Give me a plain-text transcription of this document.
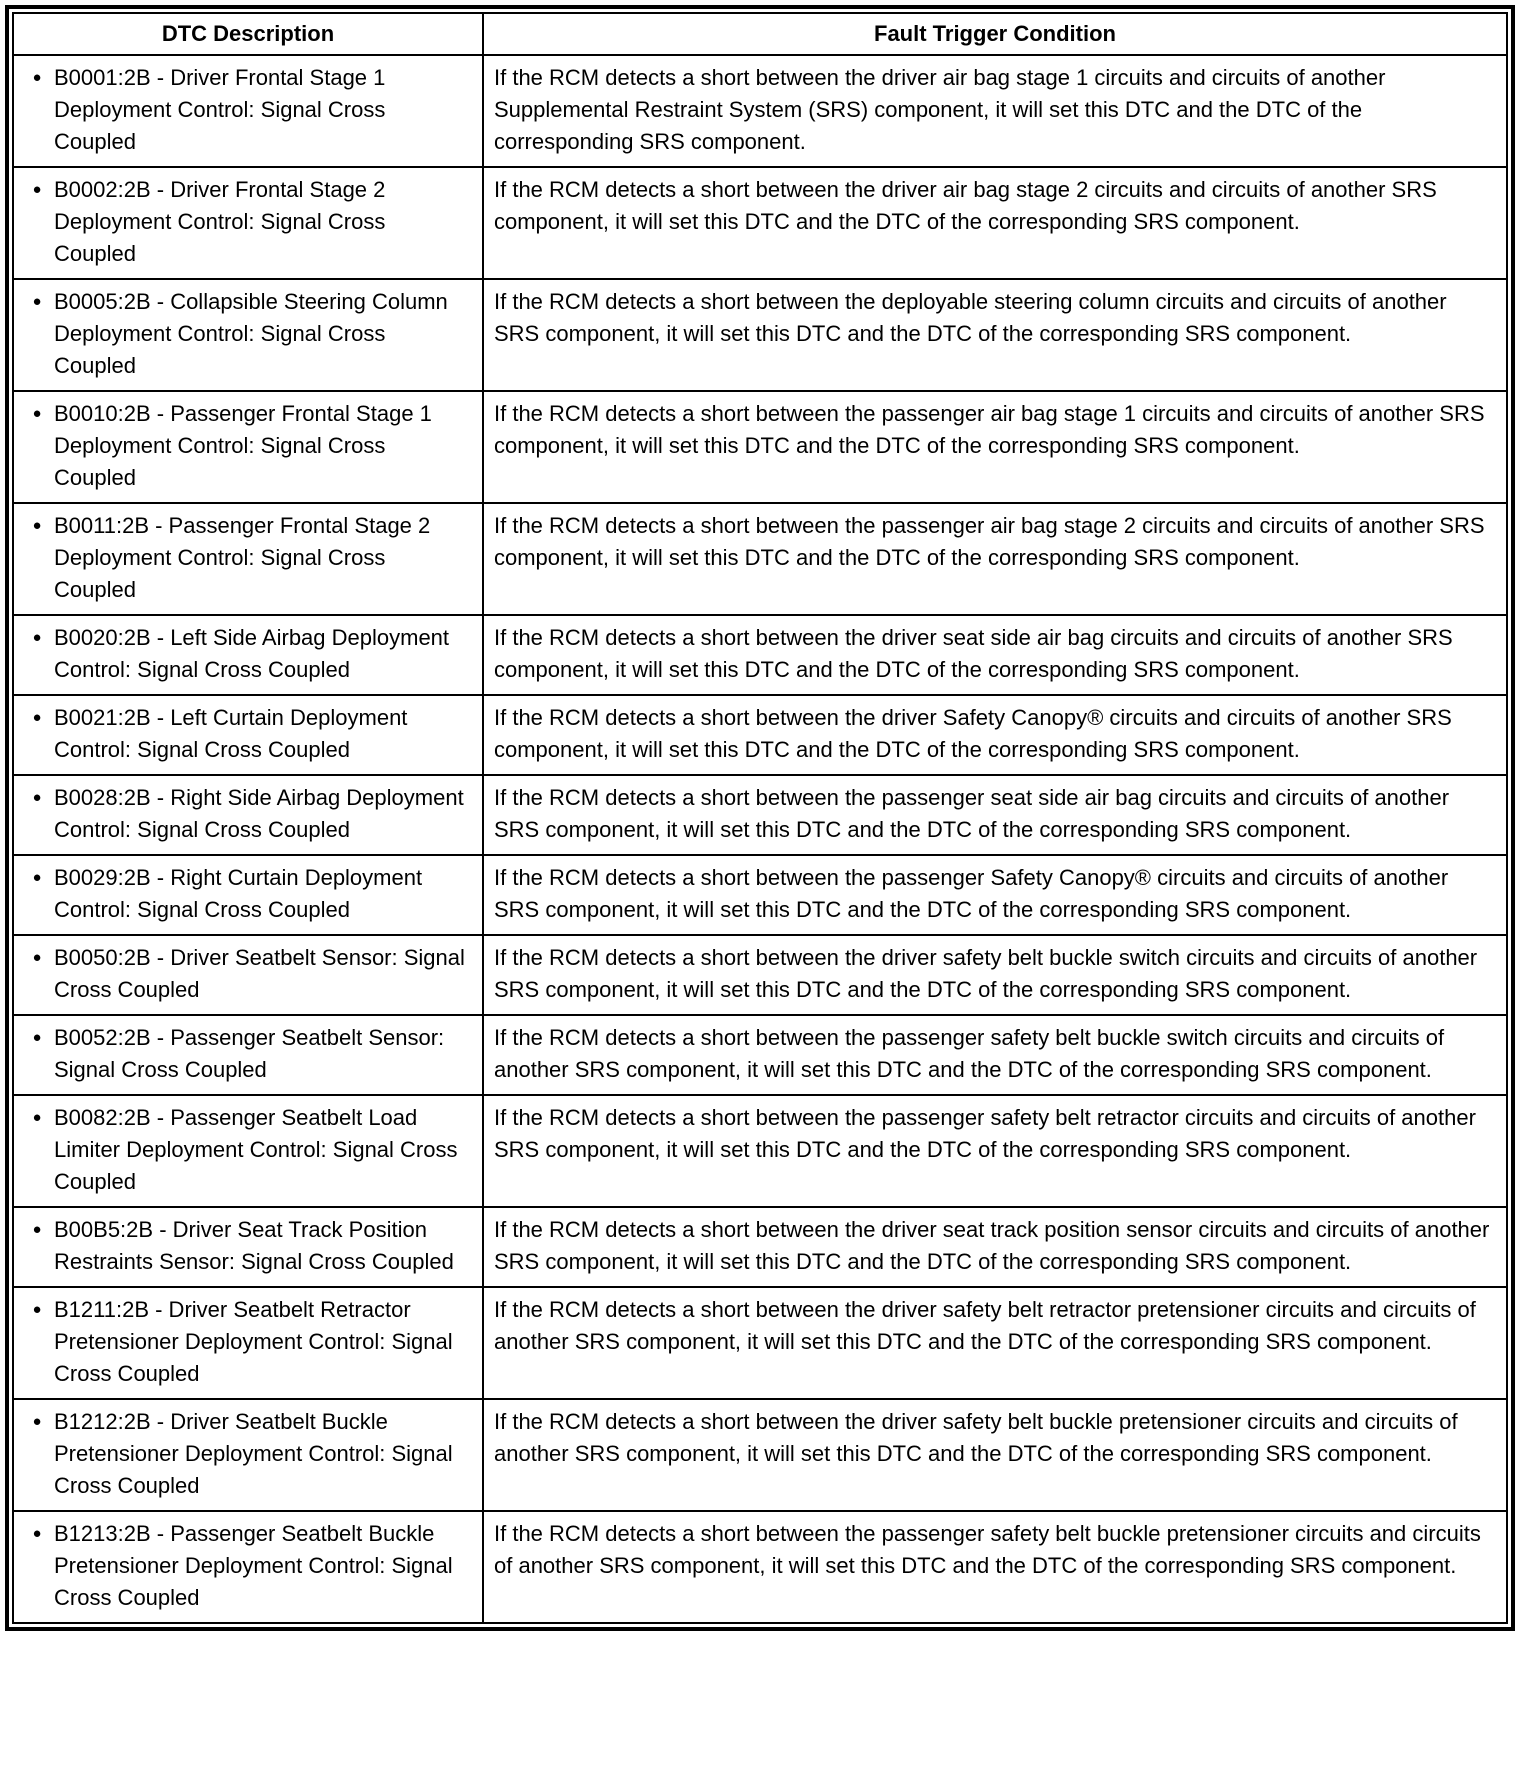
DTC Description	Fault Trigger Condition

● B0001:2B - Driver Frontal Stage 1 Deployment Control: Signal Cross Coupled	If the RCM detects a short between the driver air bag stage 1 circuits and circuits of another Supplemental Restraint System (SRS) component, it will set this DTC and the DTC of the corresponding SRS component.

● B0002:2B - Driver Frontal Stage 2 Deployment Control: Signal Cross Coupled	If the RCM detects a short between the driver air bag stage 2 circuits and circuits of another SRS component, it will set this DTC and the DTC of the corresponding SRS component.

● B0005:2B - Collapsible Steering Column Deployment Control: Signal Cross Coupled	If the RCM detects a short between the deployable steering column circuits and circuits of another SRS component, it will set this DTC and the DTC of the corresponding SRS component.

● B0010:2B - Passenger Frontal Stage 1 Deployment Control: Signal Cross Coupled	If the RCM detects a short between the passenger air bag stage 1 circuits and circuits of another SRS component, it will set this DTC and the DTC of the corresponding SRS component.

● B0011:2B - Passenger Frontal Stage 2 Deployment Control: Signal Cross Coupled	If the RCM detects a short between the passenger air bag stage 2 circuits and circuits of another SRS component, it will set this DTC and the DTC of the corresponding SRS component.

● B0020:2B - Left Side Airbag Deployment Control: Signal Cross Coupled	If the RCM detects a short between the driver seat side air bag circuits and circuits of another SRS component, it will set this DTC and the DTC of the corresponding SRS component.

● B0021:2B - Left Curtain Deployment Control: Signal Cross Coupled	If the RCM detects a short between the driver Safety Canopy® circuits and circuits of another SRS component, it will set this DTC and the DTC of the corresponding SRS component.

● B0028:2B - Right Side Airbag Deployment Control: Signal Cross Coupled	If the RCM detects a short between the passenger seat side air bag circuits and circuits of another SRS component, it will set this DTC and the DTC of the corresponding SRS component.

● B0029:2B - Right Curtain Deployment Control: Signal Cross Coupled	If the RCM detects a short between the passenger Safety Canopy® circuits and circuits of another SRS component, it will set this DTC and the DTC of the corresponding SRS component.

● B0050:2B - Driver Seatbelt Sensor: Signal Cross Coupled	If the RCM detects a short between the driver safety belt buckle switch circuits and circuits of another SRS component, it will set this DTC and the DTC of the corresponding SRS component.

● B0052:2B - Passenger Seatbelt Sensor: Signal Cross Coupled	If the RCM detects a short between the passenger safety belt buckle switch circuits and circuits of another SRS component, it will set this DTC and the DTC of the corresponding SRS component.

● B0082:2B - Passenger Seatbelt Load Limiter Deployment Control: Signal Cross Coupled	If the RCM detects a short between the passenger safety belt retractor circuits and circuits of another SRS component, it will set this DTC and the DTC of the corresponding SRS component.

● B00B5:2B - Driver Seat Track Position Restraints Sensor: Signal Cross Coupled	If the RCM detects a short between the driver seat track position sensor circuits and circuits of another SRS component, it will set this DTC and the DTC of the corresponding SRS component.

● B1211:2B - Driver Seatbelt Retractor Pretensioner Deployment Control: Signal Cross Coupled	If the RCM detects a short between the driver safety belt retractor pretensioner circuits and circuits of another SRS component, it will set this DTC and the DTC of the corresponding SRS component.

● B1212:2B - Driver Seatbelt Buckle Pretensioner Deployment Control: Signal Cross Coupled	If the RCM detects a short between the driver safety belt buckle pretensioner circuits and circuits of another SRS component, it will set this DTC and the DTC of the corresponding SRS component.

● B1213:2B - Passenger Seatbelt Buckle Pretensioner Deployment Control: Signal Cross Coupled	If the RCM detects a short between the passenger safety belt buckle pretensioner circuits and circuits of another SRS component, it will set this DTC and the DTC of the corresponding SRS component.
